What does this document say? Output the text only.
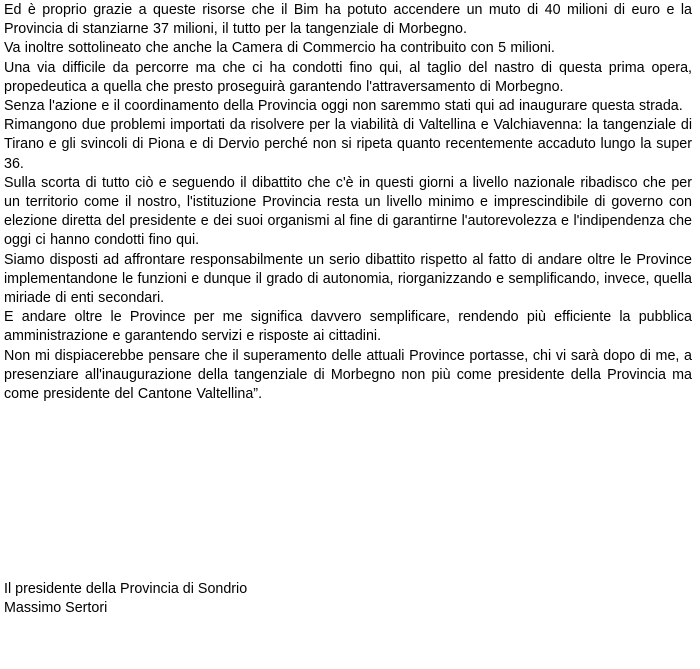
Ed è proprio grazie a queste risorse che il Bim ha potuto accendere un muto di 40 milioni di euro e la Provincia di stanziarne 37 milioni, il tutto per la tangenziale di Morbegno.

Va inoltre sottolineato che anche la Camera di Commercio ha contribuito con 5 milioni.

Una via difficile da percorre ma che ci ha condotti fino qui, al taglio del nastro di questa prima opera, propedeutica a quella che presto proseguirà garantendo l'attraversamento di Morbegno.

Senza l'azione e il coordinamento della Provincia oggi non saremmo stati qui ad inaugurare questa strada.

Rimangono due problemi importati da risolvere per la viabilità di Valtellina e Valchiavenna: la tangenziale di Tirano e gli svincoli di Piona e di Dervio perché non si ripeta quanto recentemente accaduto lungo la super 36.

Sulla scorta di tutto ciò e seguendo il dibattito che c'è in questi giorni a livello nazionale ribadisco che per un territorio come il nostro, l'istituzione Provincia resta un livello minimo e imprescindibile di governo con elezione diretta del presidente e dei suoi organismi al fine di garantirne l'autorevolezza e l'indipendenza che oggi ci hanno condotti fino qui.

Siamo disposti ad affrontare responsabilmente un serio dibattito rispetto al fatto di andare oltre le Province implementandone le funzioni e dunque il grado di autonomia, riorganizzando e semplificando, invece, quella miriade di enti secondari.

E andare oltre le Province per me significa davvero semplificare, rendendo più efficiente la pubblica amministrazione e garantendo servizi e risposte ai cittadini.

Non mi dispiacerebbe pensare che il superamento delle attuali Province portasse, chi vi sarà dopo di me, a presenziare all'inaugurazione della tangenziale di Morbegno non più come presidente della Provincia ma come presidente del Cantone Valtellina”.

Il presidente della Provincia di Sondrio

Massimo Sertori
